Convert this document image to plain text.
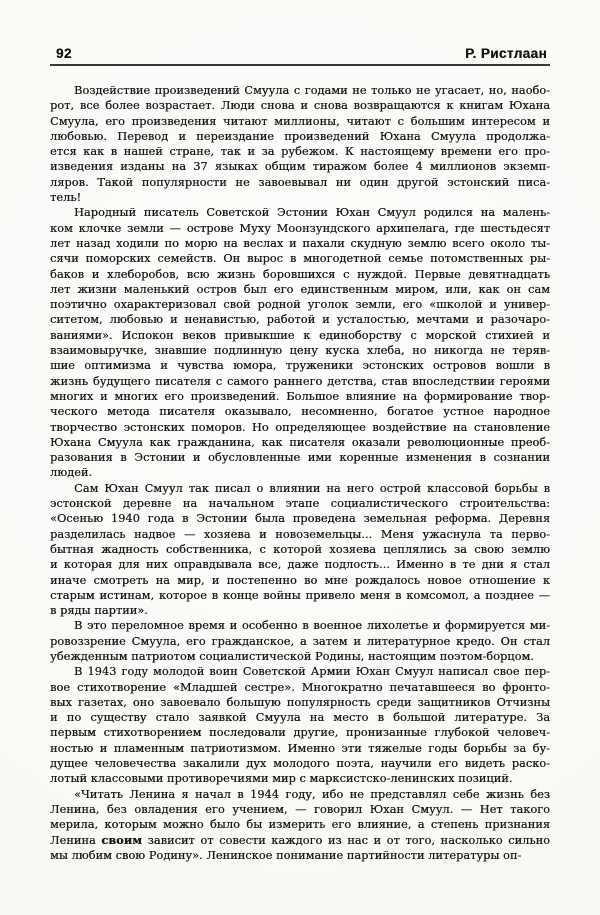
92	Р. Ристлаан

Воздействие произведений Смуула с годами не только не угасает, но, наобо-
рот, все более возрастает. Люди снова и снова возвращаются к книгам Юхана
Смуула, его произведения читают миллионы, читают с большим интересом и
любовью. Перевод и переиздание произведений Юхана Смуула продолжа-
ется как в нашей стране, так и за рубежом. К настоящему времени его про-
изведения изданы на 37 языках общим тиражом более 4 миллионов экземп-
ляров. Такой популярности не завоевывал ни один другой эстонский писа-
тель!

Народный писатель Советской Эстонии Юхан Смуул родился на малень-
ком клочке земли — острове Муху Моонзундского архипелага, где шестьдесят
лет назад ходили по морю на веслах и пахали скудную землю всего около ты-
сячи поморских семейств. Он вырос в многодетной семье потомственных ры-
баков и хлеборобов, всю жизнь боровшихся с нуждой. Первые девятнадцать
лет жизни маленький остров был его единственным миром, или, как он сам
поэтично охарактеризовал свой родной уголок земли, его «школой и универ-
ситетом, любовью и ненавистью, работой и усталостью, мечтами и разочаро-
ваниями». Испокон веков привыкшие к единоборству с морской стихией и
взаимовыручке, знавшие подлинную цену куска хлеба, но никогда не теряв-
шие оптимизма и чувства юмора, труженики эстонских островов вошли в
жизнь будущего писателя с самого раннего детства, став впоследствии героями
многих и многих его произведений. Большое влияние на формирование твор-
ческого метода писателя оказывало, несомненно, богатое устное народное
творчество эстонских поморов. Но определяющее воздействие на становление
Юхана Смуула как гражданина, как писателя оказали революционные преоб-
разования в Эстонии и обусловленные ими коренные изменения в сознании
людей.

Сам Юхан Смуул так писал о влиянии на него острой классовой борьбы в
эстонской деревне на начальном этапе социалистического строительства:
«Осенью 1940 года в Эстонии была проведена земельная реформа. Деревня
разделилась надвое — хозяева и новоземельцы... Меня ужаснула та перво-
бытная жадность собственника, с которой хозяева цеплялись за свою землю
и которая для них оправдывала все, даже подлость... Именно в те дни я стал
иначе смотреть на мир, и постепенно во мне рождалось новое отношение к
старым истинам, которое в конце войны привело меня в комсомол, а позднее —
в ряды партии».

В это переломное время и особенно в военное лихолетье и формируется ми-
ровоззрение Смуула, его гражданское, а затем и литературное кредо. Он стал
убежденным патриотом социалистической Родины, настоящим поэтом-борцом.

В 1943 году молодой воин Советской Армии Юхан Смуул написал свое пер-
вое стихотворение «Младшей сестре». Многократно печатавшееся во фронто-
вых газетах, оно завоевало большую популярность среди защитников Отчизны
и по существу стало заявкой Смуула на место в большой литературе. За
первым стихотворением последовали другие, пронизанные глубокой человеч-
ностью и пламенным патриотизмом. Именно эти тяжелые годы борьбы за бу-
дущее человечества закалили дух молодого поэта, научили его видеть раско-
лотый классовыми противоречиями мир с марксистско-ленинских позиций.

«Читать Ленина я начал в 1944 году, ибо не представлял себе жизнь без
Ленина, без овладения его учением, — говорил Юхан Смуул. — Нет такого
мерила, которым можно было бы измерить его влияние, а степень признания
Ленина своим зависит от совести каждого из нас и от того, насколько сильно
мы любим свою Родину». Ленинское понимание партийности литературы оп-
